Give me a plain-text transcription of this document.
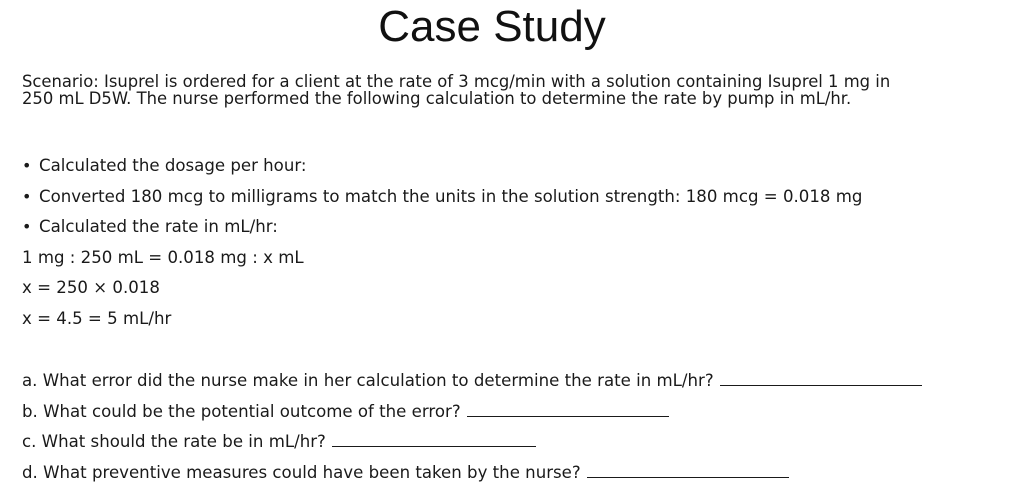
Case Study
Scenario: Isuprel is ordered for a client at the rate of 3 mcg/min with a solution containing Isuprel 1 mg in
250 mL D5W. The nurse performed the following calculation to determine the rate by pump in mL/hr.
• Calculated the dosage per hour:
• Converted 180 mcg to milligrams to match the units in the solution strength: 180 mcg = 0.018 mg
• Calculated the rate in mL/hr:
1 mg : 250 mL = 0.018 mg : x mL
x = 250 × 0.018
x = 4.5 = 5 mL/hr
a. What error did the nurse make in her calculation to determine the rate in mL/hr?
b. What could be the potential outcome of the error?
c. What should the rate be in mL/hr?
d. What preventive measures could have been taken by the nurse?
